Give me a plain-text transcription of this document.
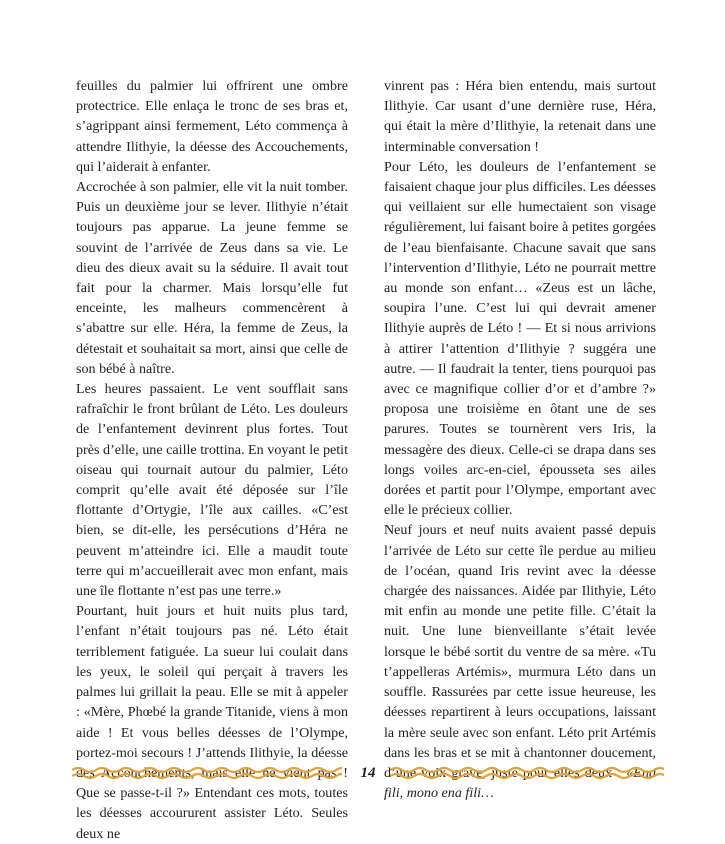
feuilles du palmier lui offrirent une ombre protectrice. Elle enlaça le tronc de ses bras et, s’agrippant ainsi fermement, Léto commença à attendre Ilithyie, la déesse des Accouchements, qui l’aiderait à enfanter.

Accrochée à son palmier, elle vit la nuit tomber. Puis un deuxième jour se lever. Ilithyie n’était toujours pas apparue. La jeune femme se souvint de l’arrivée de Zeus dans sa vie. Le dieu des dieux avait su la séduire. Il avait tout fait pour la charmer. Mais lorsqu’elle fut enceinte, les malheurs commencèrent à s’abattre sur elle. Héra, la femme de Zeus, la détestait et souhaitait sa mort, ainsi que celle de son bébé à naître.

Les heures passaient. Le vent soufflait sans rafraîchir le front brûlant de Léto. Les douleurs de l’enfantement devinrent plus fortes. Tout près d’elle, une caille trottina. En voyant le petit oiseau qui tournait autour du palmier, Léto comprit qu’elle avait été déposée sur l’île flottante d’Ortygie, l’île aux cailles. «C’est bien, se dit-elle, les persécutions d’Héra ne peuvent m’atteindre ici. Elle a maudit toute terre qui m’accueillerait avec mon enfant, mais une île flottante n’est pas une terre.»

Pourtant, huit jours et huit nuits plus tard, l’enfant n’était toujours pas né. Léto était terriblement fatiguée. La sueur lui coulait dans les yeux, le soleil qui perçait à travers les palmes lui grillait la peau. Elle se mit à appeler : «Mère, Phœbé la grande Titanide, viens à mon aide ! Et vous belles déesses de l’Olympe, portez-moi secours ! J’attends Ilithyie, la déesse des Accouchements, mais elle ne vient pas ! Que se passe-t-il ?» Entendant ces mots, toutes les déesses accoururent assister Léto. Seules deux ne

vinrent pas : Héra bien entendu, mais surtout Ilithyie. Car usant d’une dernière ruse, Héra, qui était la mère d’Ilithyie, la retenait dans une interminable conversation !

Pour Léto, les douleurs de l’enfantement se faisaient chaque jour plus difficiles. Les déesses qui veillaient sur elle humectaient son visage régulièrement, lui faisant boire à petites gorgées de l’eau bienfaisante. Chacune savait que sans l’intervention d’Ilithyie, Léto ne pourrait mettre au monde son enfant… «Zeus est un lâche, soupira l’une. C’est lui qui devrait amener Ilithyie auprès de Léto ! — Et si nous arrivions à attirer l’attention d’Ilithyie ? suggéra une autre. — Il faudrait la tenter, tiens pourquoi pas avec ce magnifique collier d’or et d’ambre ?» proposa une troisième en ôtant une de ses parures. Toutes se tournèrent vers Iris, la messagère des dieux. Celle-ci se drapa dans ses longs voiles arc-en-ciel, épousseta ses ailes dorées et partit pour l’Olympe, emportant avec elle le précieux collier.

Neuf jours et neuf nuits avaient passé depuis l’arrivée de Léto sur cette île perdue au milieu de l’océan, quand Iris revint avec la déesse chargée des naissances. Aidée par Ilithyie, Léto mit enfin au monde une petite fille. C’était la nuit. Une lune bienveillante s’était levée lorsque le bébé sortit du ventre de sa mère. «Tu t’appelleras Artémis», murmura Léto dans un souffle. Rassurées par cette issue heureuse, les déesses repartirent à leurs occupations, laissant la mère seule avec son enfant. Léto prit Artémis dans les bras et se mit à chantonner doucement, d’une voix grave, juste pour elles deux : «Ena fili, mono ena fili…

14
